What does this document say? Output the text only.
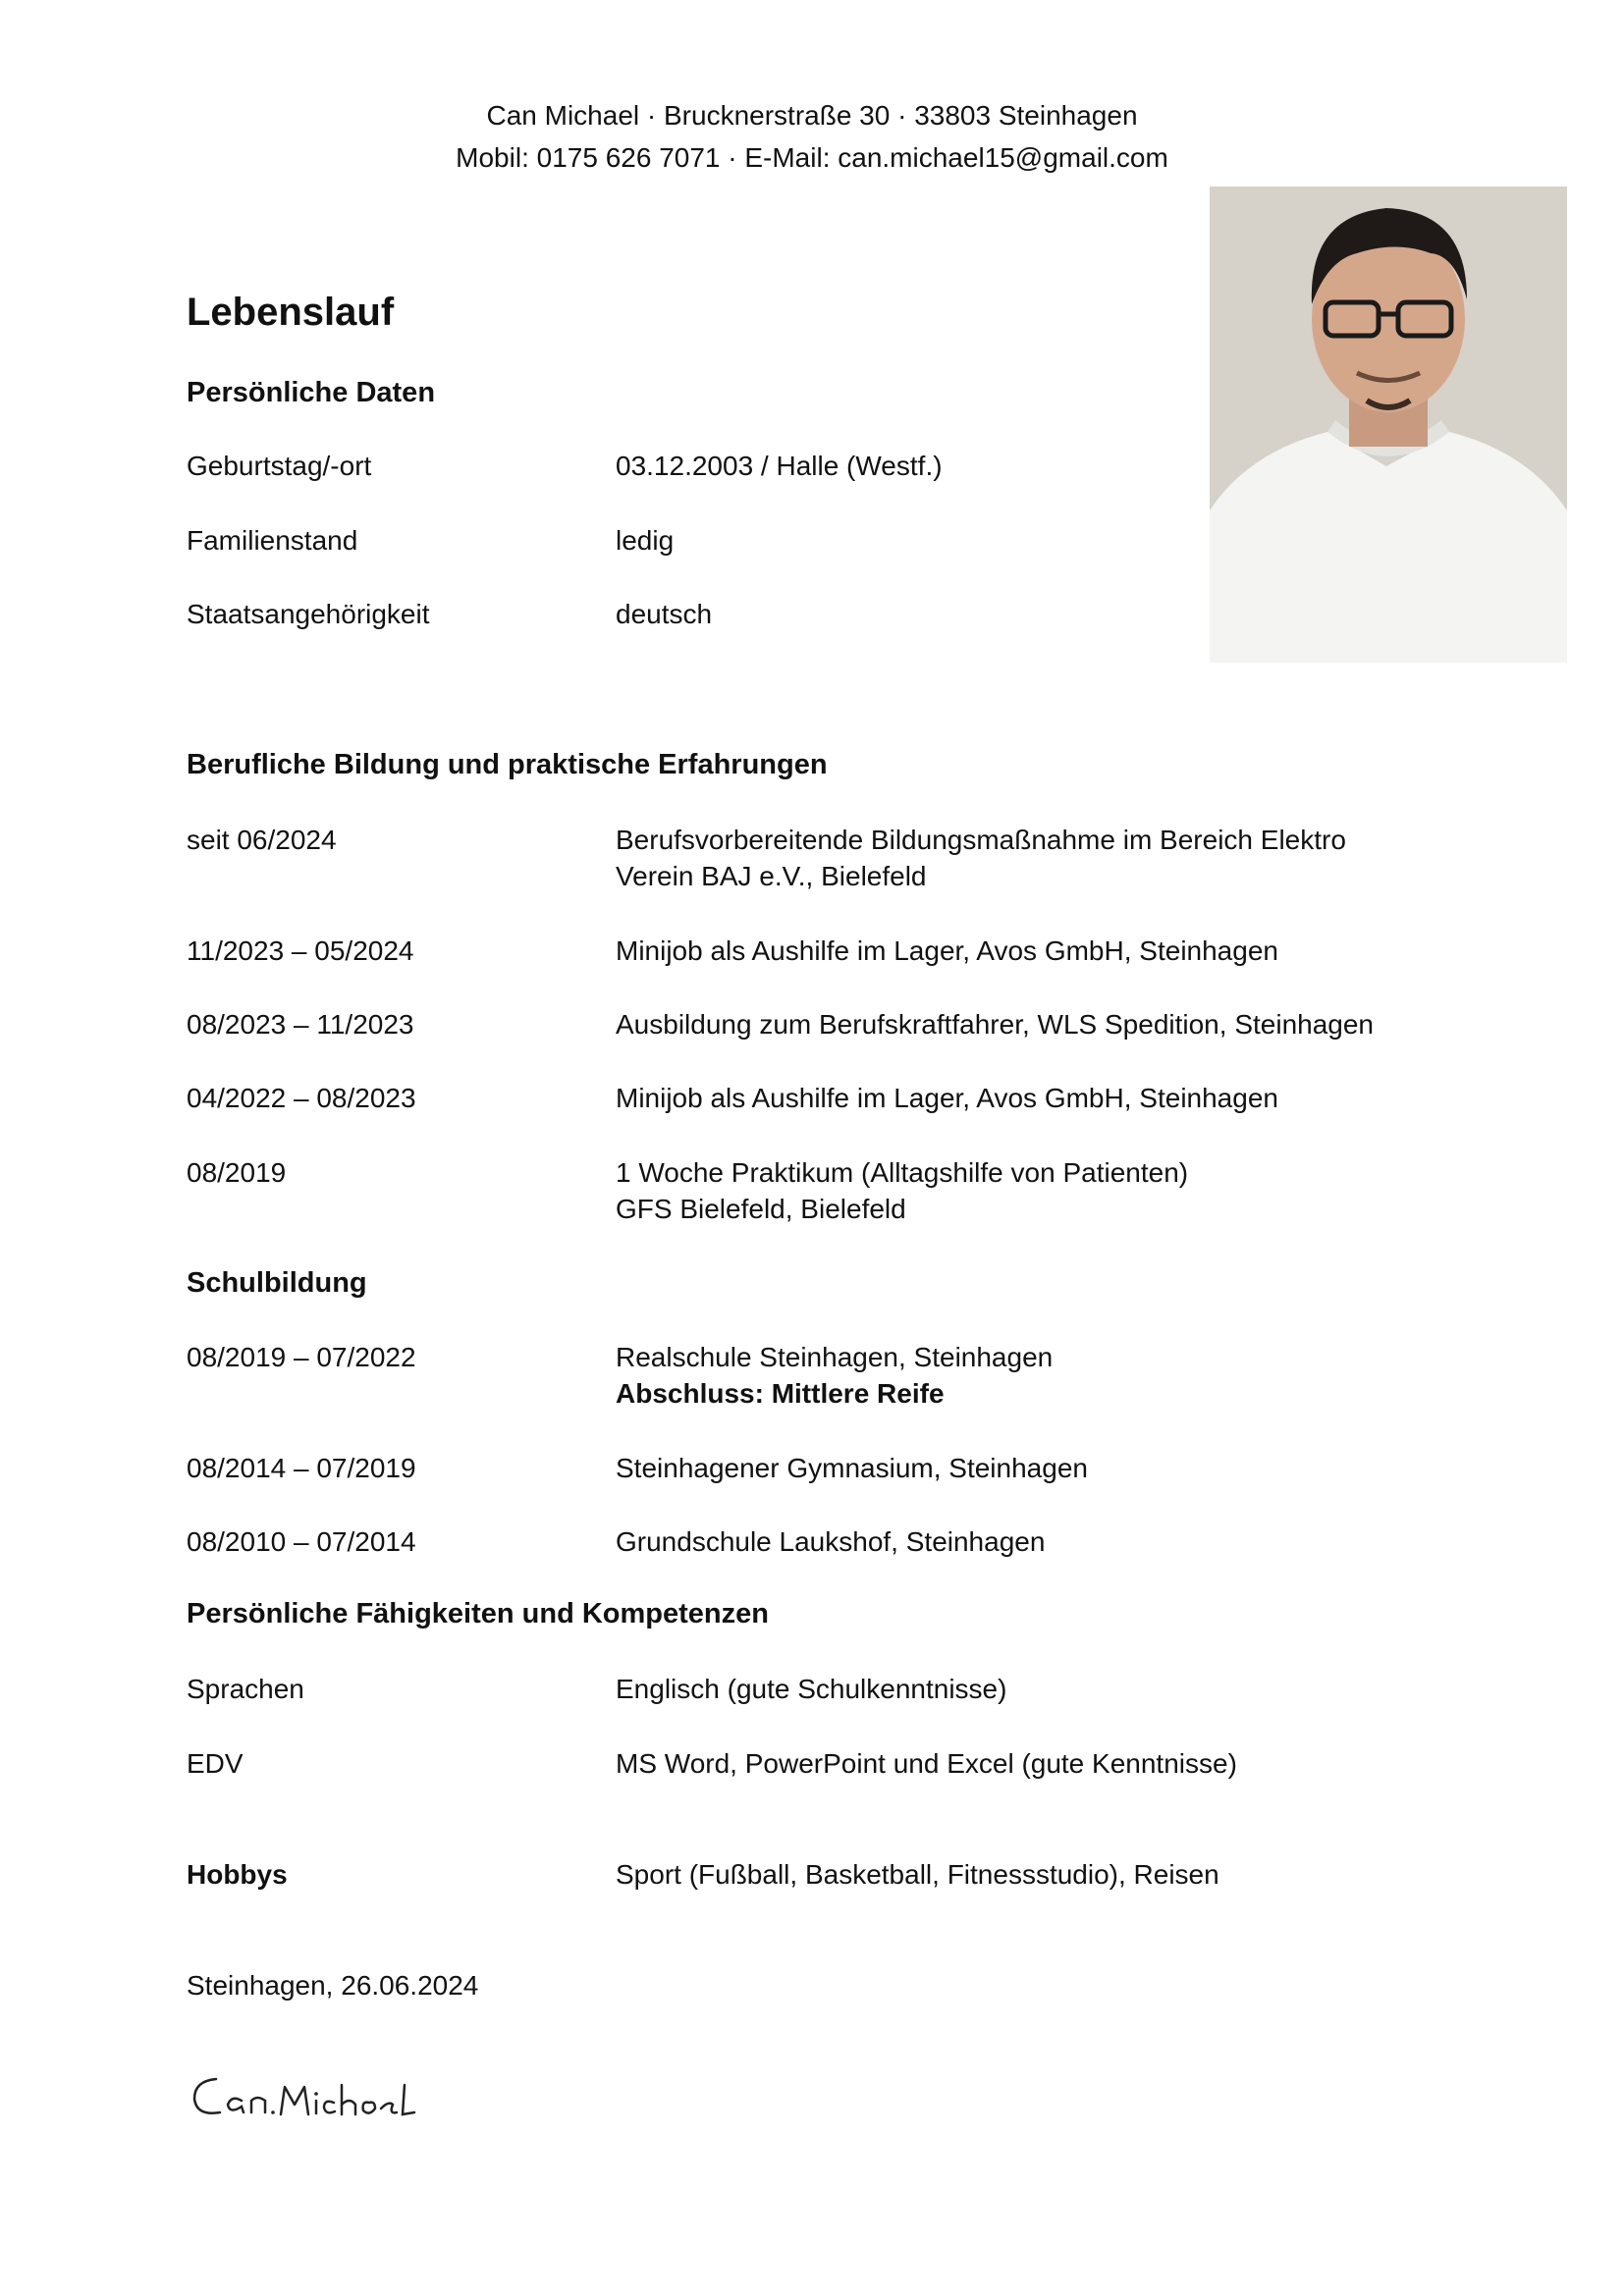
Can Michael · Brucknerstraße 30 · 33803 Steinhagen
Mobil: 0175 626 7071 · E-Mail: can.michael15@gmail.com
Lebenslauf
Persönliche Daten
Geburtstag/-ort	03.12.2003 / Halle (Westf.)
Familienstand	ledig
Staatsangehörigkeit	deutsch
Berufliche Bildung und praktische Erfahrungen
seit 06/2024	Berufsvorbereitende Bildungsmaßnahme im Bereich Elektro
Verein BAJ e.V., Bielefeld
11/2023 – 05/2024	Minijob als Aushilfe im Lager, Avos GmbH, Steinhagen
08/2023 – 11/2023	Ausbildung zum Berufskraftfahrer, WLS Spedition, Steinhagen
04/2022 – 08/2023	Minijob als Aushilfe im Lager, Avos GmbH, Steinhagen
08/2019	1 Woche Praktikum (Alltagshilfe von Patienten)
GFS Bielefeld, Bielefeld
Schulbildung
08/2019 – 07/2022	Realschule Steinhagen, Steinhagen
Abschluss: Mittlere Reife
08/2014 – 07/2019	Steinhagener Gymnasium, Steinhagen
08/2010 – 07/2014	Grundschule Laukshof, Steinhagen
Persönliche Fähigkeiten und Kompetenzen
Sprachen	Englisch (gute Schulkenntnisse)
EDV	MS Word, PowerPoint und Excel (gute Kenntnisse)
Hobbys	Sport (Fußball, Basketball, Fitnessstudio), Reisen
Steinhagen, 26.06.2024
